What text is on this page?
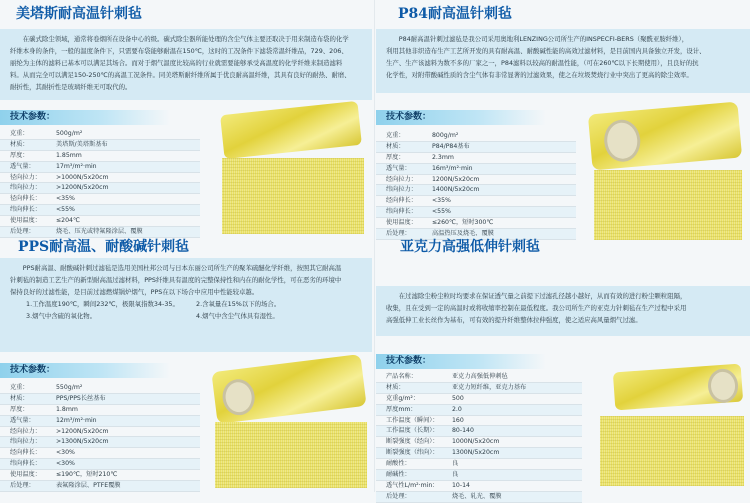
美塔斯耐高温针刺毡

在碳式除尘领域，通常将卷烟所在设备中心的级。碳式除尘器所能处理的含尘气体主要还取决于用来制造布袋的化学

纤维本身的条件，一般的温度条件下，只需要布袋能够耐温在150℃，这时的工况条件下滤袋常温纤维品，729、206、

丽纶为主体的滤料已基本可以满足其场合。而对于烟气温度比较高的行业就需要能够承受高温度的化学纤维来制造滤料

料。从而完全可以满足150-250℃的高温工况条件。同美塔斯耐纤维所属于优良耐高温纤维，其具有良好的耐热、耐磨、

耐折性，其耐折性是玻璃纤维无可取代的。

技术参数：
克重：	500g/m²
材质：	美塔斯/美塔斯基布
厚度：	1.85mm
透气量：	17m³/m²·min
径向拉力：	>1000N/5x20cm
纬向拉力：	>1200N/5x20cm
径向伸长：	<35%
纬向伸长：	<55%
使用温度：	≤204℃
后处理：	烧毛、压光或特氟隆涂层、覆膜
P84耐高温针刺毡

P84耐高温针刺过滤毡是我公司采用奥地利LENZING公司所生产的INSPECFI-BERS（聚酰亚胺纤维），

利用其他非织造布生产工艺所开发的具有耐高温、耐酸碱性能的高效过滤材料，是目前国内具备独立开发，设计、

生产、生产该滤料为数不多的厂家之一，P84滤料以较高的耐温性能，（可在260℃以下长期使用），且良好的抗

化学性，对附带酸碱性质的含尘气体有非常显著的过滤效果，使之在垃圾焚烧行业中突出了更高的除尘效率。

技术参数：
克重：	800g/m²
材质：	P84/P84基布
厚度：	2.3mm
透气量：	16m³/m²·min
经向拉力：	1200N/5x20cm
纬向拉力：	1400N/5x20cm
经向伸长：	<35%
纬向伸长：	<55%
使用温度：	≤260℃，短时300℃
后处理：	高温热压及烧毛、覆膜
PPS耐高温、耐酸碱针刺毡

PPS耐高温、耐酸碱针刺过滤毡是选用美国杜邦公司与日本东丽公司所生产的聚苯硫醚化学纤维，按照其它耐高温

针刺毡的制造工艺生产的新型耐高温过滤材料，PPS纤维具有温度的完整保持性和内在的耐化学性，可在恶劣的环境中

保持良好的过滤性能，是目前过滤燃煤锅炉烟气，PPS在以下场合中应用中性能较卓越。

1.工作温度190℃，瞬间232℃，极限氧指数34-35。	2.含氧量在15%以下的场合。
3.烟气中含硫的氧化物。	4.烟气中含尘气体具有湿性。
技术参数：
克重：	550g/m²
材质：	PPS/PPS长丝基布
厚度：	1.8mm
透气量：	12m³/m²·min
经向拉力：	>1200N/5x20cm
纬向拉力：	>1300N/5x20cm
经向伸长：	<30%
纬向伸长：	<30%
使用温度：	≤190℃，短时210℃
后处理：	表氟隆涂层、PTFE覆膜
亚克力高强低伸针刺毡

在过滤除尘粉尘粒时均要求在保证透气量之前提下过滤孔径越小越好，从而有效的进行粉尘颗粒阻隔，

收集，且在受到一定的高温时或将收缩率控制在最低程度。我公司所生产的亚克力针刺毡在生产过程中采用

高强低伸工业长丝作为基布，可有效的提升纤维整体拉伸强度，使之适应高风量烟气过滤。

技术参数：
产品名称：	亚克力高强低伸刺毡
材质：	亚克力短纤维，亚克力基布
克重g/m²：	500
厚度mm：	2.0
工作温度（瞬间）：	160
工作温度（长期）：	80-140
断裂强度（经向）：	1000N/5x20cm
断裂强度（纬向）：	1300N/5x20cm
耐酸性：	良
耐碱性：	良
透气性L/m²·min：	10-14
后处理：	烧毛、轧光、覆膜
